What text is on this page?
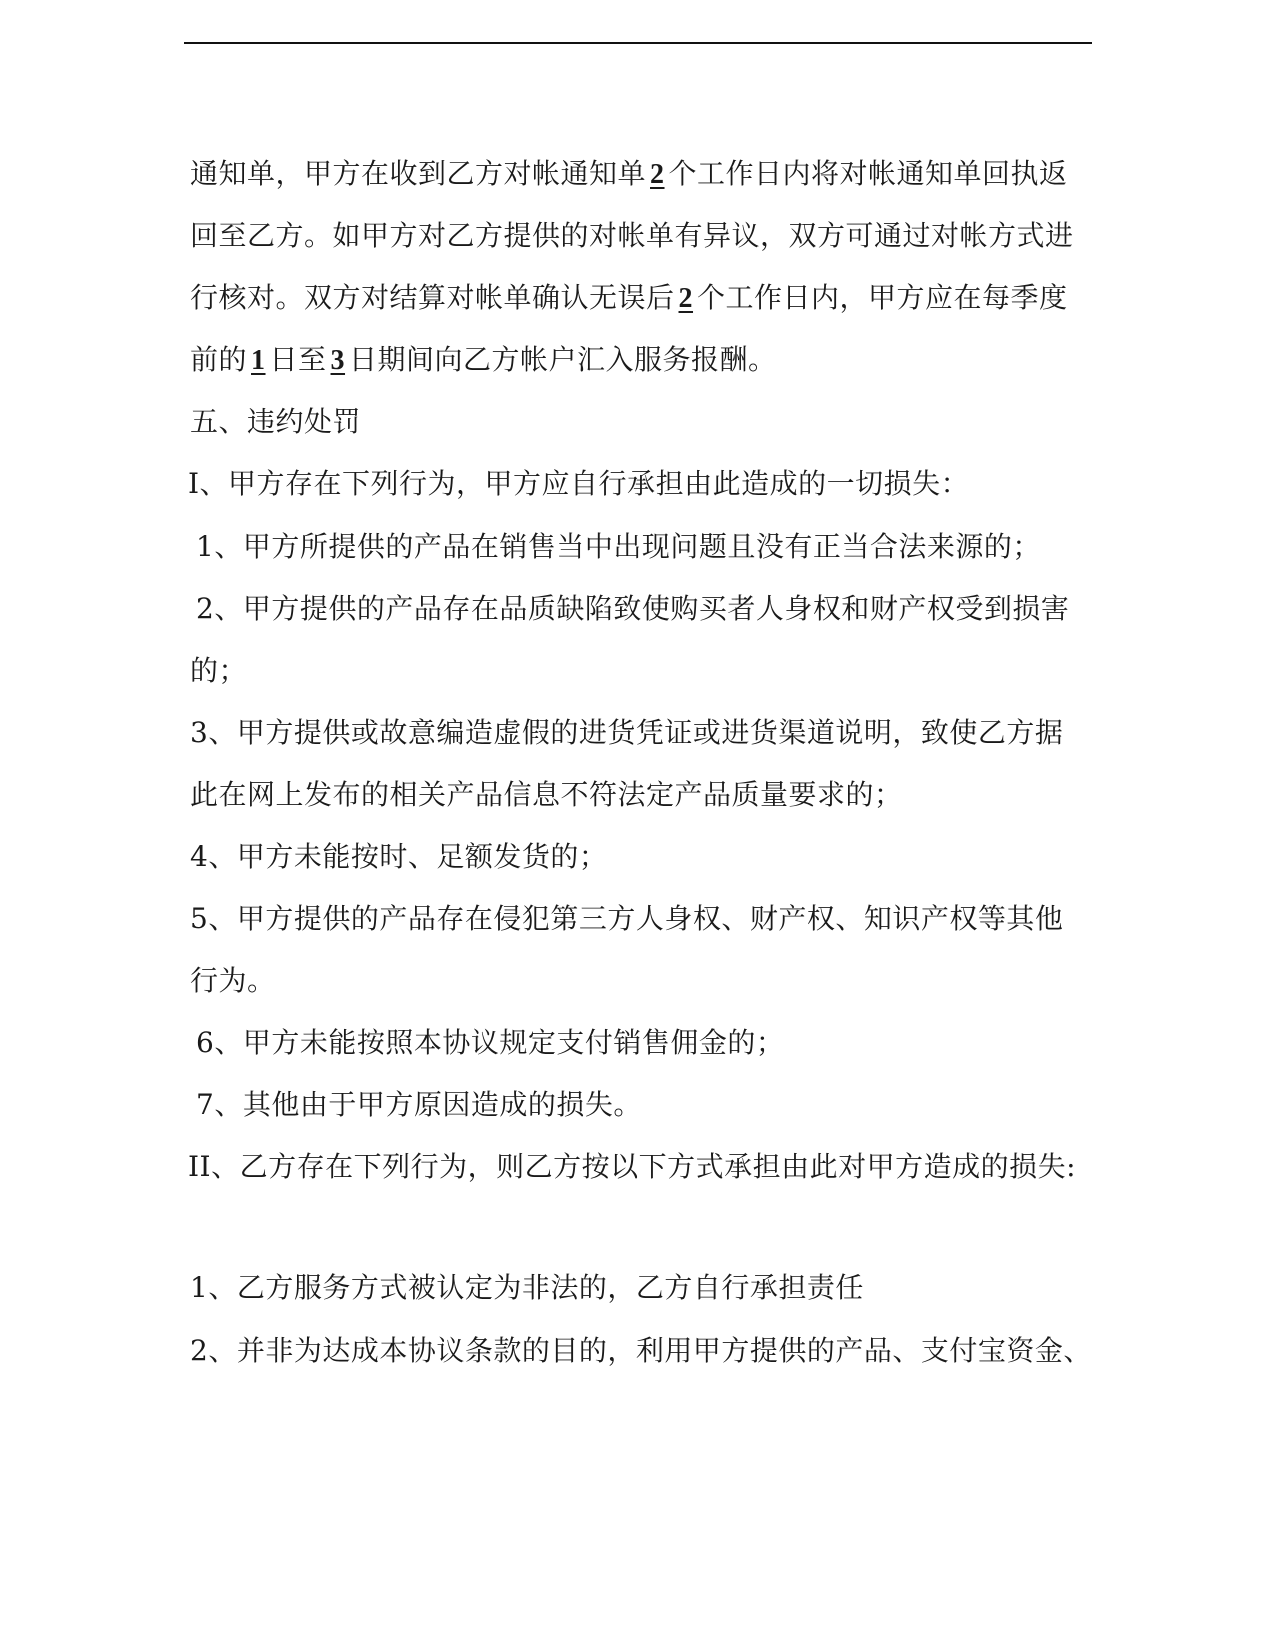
通知单，甲方在收到乙方对帐通知单 2 个工作日内将对帐通知单回执返
回至乙方。如甲方对乙方提供的对帐单有异议，双方可通过对帐方式进
行核对。双方对结算对帐单确认无误后 2 个工作日内，甲方应在每季度
前的 1 日至 3 日期间向乙方帐户汇入服务报酬。
五、违约处罚
I、甲方存在下列行为，甲方应自行承担由此造成的一切损失：
1、甲方所提供的产品在销售当中出现问题且没有正当合法来源的；
2、甲方提供的产品存在品质缺陷致使购买者人身权和财产权受到损害
的；
3、甲方提供或故意编造虚假的进货凭证或进货渠道说明，致使乙方据
此在网上发布的相关产品信息不符法定产品质量要求的；
4、甲方未能按时、足额发货的；
5、甲方提供的产品存在侵犯第三方人身权、财产权、知识产权等其他
行为。
6、甲方未能按照本协议规定支付销售佣金的；
7、其他由于甲方原因造成的损失。
II、乙方存在下列行为，则乙方按以下方式承担由此对甲方造成的损失:
1、乙方服务方式被认定为非法的，乙方自行承担责任
2、并非为达成本协议条款的目的，利用甲方提供的产品、支付宝资金、
